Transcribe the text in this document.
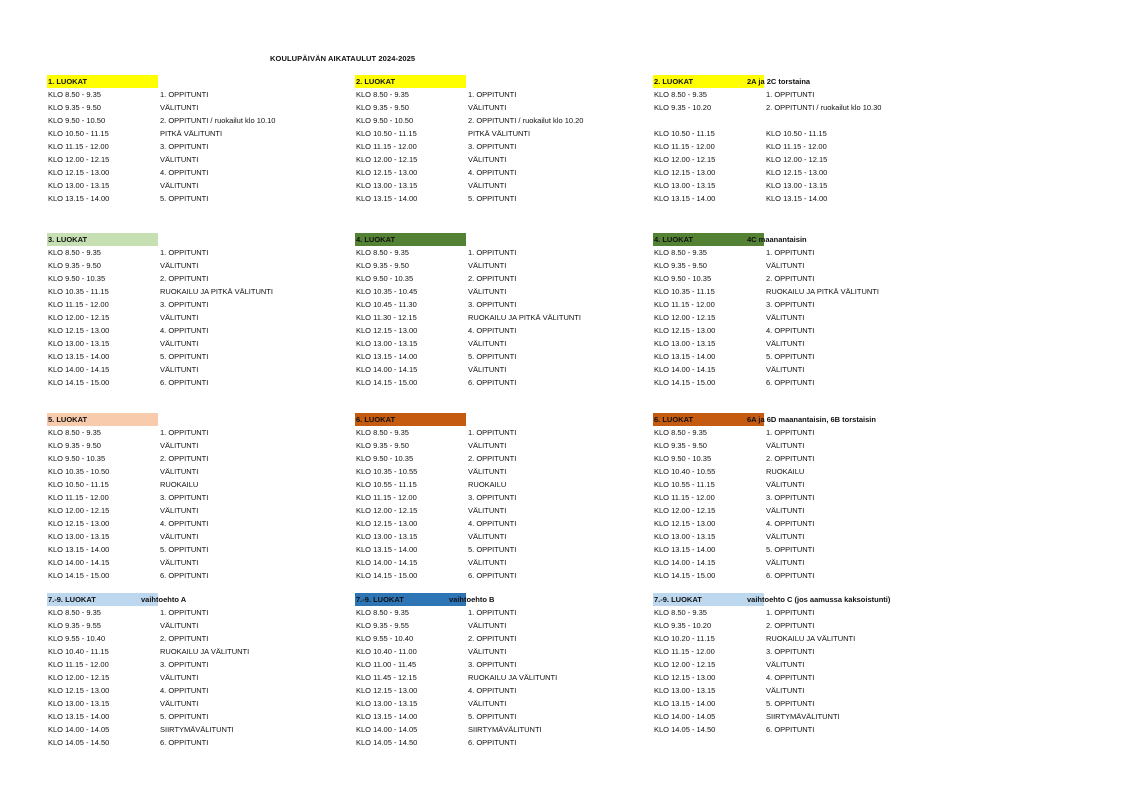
KOULUPÄIVÄN AIKATAULUT 2024-2025
1. LUOKAT
KLO 8.50 - 9.35	1. OPPITUNTI
KLO 9.35 - 9.50	VÄLITUNTI
KLO 9.50 - 10.50	2. OPPITUNTI / ruokailut klo 10.10
KLO 10.50 - 11.15	PITKÄ VÄLITUNTI
KLO 11.15 - 12.00	3. OPPITUNTI
KLO 12.00 - 12.15	VÄLITUNTI
KLO 12.15 - 13.00	4. OPPITUNTI
KLO 13.00 - 13.15	VÄLITUNTI
KLO 13.15 - 14.00	5. OPPITUNTI
2. LUOKAT
KLO 8.50 - 9.35	1. OPPITUNTI
KLO 9.35 - 9.50	VÄLITUNTI
KLO 9.50 - 10.50	2. OPPITUNTI / ruokailut klo 10.20
KLO 10.50 - 11.15	PITKÄ VÄLITUNTI
KLO 11.15 - 12.00	3. OPPITUNTI
KLO 12.00 - 12.15	VÄLITUNTI
KLO 12.15 - 13.00	4. OPPITUNTI
KLO 13.00 - 13.15	VÄLITUNTI
KLO 13.15 - 14.00	5. OPPITUNTI
2. LUOKAT	2A ja 2C torstaina
KLO 8.50 - 9.35	1. OPPITUNTI
KLO 9.35 - 10.20	2. OPPITUNTI / ruokailut klo 10.30
KLO 10.50 - 11.15	KLO 10.50 - 11.15
KLO 11.15 - 12.00	KLO 11.15 - 12.00
KLO 12.00 - 12.15	KLO 12.00 - 12.15
KLO 12.15 - 13.00	KLO 12.15 - 13.00
KLO 13.00 - 13.15	KLO 13.00 - 13.15
KLO 13.15 - 14.00	KLO 13.15 - 14.00
3. LUOKAT
KLO 8.50 - 9.35	1. OPPITUNTI
KLO 9.35 - 9.50	VÄLITUNTI
KLO 9.50 - 10.35	2. OPPITUNTI
KLO 10.35 - 11.15	RUOKAILU JA PITKÄ VÄLITUNTI
KLO 11.15 - 12.00	3. OPPITUNTI
KLO 12.00 - 12.15	VÄLITUNTI
KLO 12.15 - 13.00	4. OPPITUNTI
KLO 13.00 - 13.15	VÄLITUNTI
KLO 13.15 - 14.00	5. OPPITUNTI
KLO 14.00 - 14.15	VÄLITUNTI
KLO 14.15 - 15.00	6. OPPITUNTI
4. LUOKAT
KLO 8.50 - 9.35	1. OPPITUNTI
KLO 9.35 - 9.50	VÄLITUNTI
KLO 9.50 - 10.35	2. OPPITUNTI
KLO 10.35 - 10.45	VÄLITUNTI
KLO 10.45 - 11.30	3. OPPITUNTI
KLO 11.30 - 12.15	RUOKAILU JA PITKÄ VÄLITUNTI
KLO 12.15 - 13.00	4. OPPITUNTI
KLO 13.00 - 13.15	VÄLITUNTI
KLO 13.15 - 14.00	5. OPPITUNTI
KLO 14.00 - 14.15	VÄLITUNTI
KLO 14.15 - 15.00	6. OPPITUNTI
4. LUOKAT	4C maanantaisin
KLO 8.50 - 9.35	1. OPPITUNTI
KLO 9.35 - 9.50	VÄLITUNTI
KLO 9.50 - 10.35	2. OPPITUNTI
KLO 10.35 - 11.15	RUOKAILU JA PITKÄ VÄLITUNTI
KLO 11.15 - 12.00	3. OPPITUNTI
KLO 12.00 - 12.15	VÄLITUNTI
KLO 12.15 - 13.00	4. OPPITUNTI
KLO 13.00 - 13.15	VÄLITUNTI
KLO 13.15 - 14.00	5. OPPITUNTI
KLO 14.00 - 14.15	VÄLITUNTI
KLO 14.15 - 15.00	6. OPPITUNTI
5. LUOKAT
KLO 8.50 - 9.35	1. OPPITUNTI
KLO 9.35 - 9.50	VÄLITUNTI
KLO 9.50 - 10.35	2. OPPITUNTI
KLO 10.35 - 10.50	VÄLITUNTI
KLO 10.50 - 11.15	RUOKAILU
KLO 11.15 - 12.00	3. OPPITUNTI
KLO 12.00 - 12.15	VÄLITUNTI
KLO 12.15 - 13.00	4. OPPITUNTI
KLO 13.00 - 13.15	VÄLITUNTI
KLO 13.15 - 14.00	5. OPPITUNTI
KLO 14.00 - 14.15	VÄLITUNTI
KLO 14.15 - 15.00	6. OPPITUNTI
6. LUOKAT
KLO 8.50 - 9.35	1. OPPITUNTI
KLO 9.35 - 9.50	VÄLITUNTI
KLO 9.50 - 10.35	2. OPPITUNTI
KLO 10.35 - 10.55	VÄLITUNTI
KLO 10.55 - 11.15	RUOKAILU
KLO 11.15 - 12.00	3. OPPITUNTI
KLO 12.00 - 12.15	VÄLITUNTI
KLO 12.15 - 13.00	4. OPPITUNTI
KLO 13.00 - 13.15	VÄLITUNTI
KLO 13.15 - 14.00	5. OPPITUNTI
KLO 14.00 - 14.15	VÄLITUNTI
KLO 14.15 - 15.00	6. OPPITUNTI
6. LUOKAT	6A ja 6D maanantaisin, 6B torstaisin
KLO 8.50 - 9.35	1. OPPITUNTI
KLO 9.35 - 9.50	VÄLITUNTI
KLO 9.50 - 10.35	2. OPPITUNTI
KLO 10.40 - 10.55	RUOKAILU
KLO 10.55 - 11.15	VÄLITUNTI
KLO 11.15 - 12.00	3. OPPITUNTI
KLO 12.00 - 12.15	VÄLITUNTI
KLO 12.15 - 13.00	4. OPPITUNTI
KLO 13.00 - 13.15	VÄLITUNTI
KLO 13.15 - 14.00	5. OPPITUNTI
KLO 14.00 - 14.15	VÄLITUNTI
KLO 14.15 - 15.00	6. OPPITUNTI
7.-9. LUOKAT	vaihtoehto A
KLO 8.50 - 9.35	1. OPPITUNTI
KLO 9.35 - 9.55	VÄLITUNTI
KLO 9.55 - 10.40	2. OPPITUNTI
KLO 10.40 - 11.15	RUOKAILU JA VÄLITUNTI
KLO 11.15 - 12.00	3. OPPITUNTI
KLO 12.00 - 12.15	VÄLITUNTI
KLO 12.15 - 13.00	4. OPPITUNTI
KLO 13.00 - 13.15	VÄLITUNTI
KLO 13.15 - 14.00	5. OPPITUNTI
KLO 14.00 - 14.05	SIIRTYMÄVÄLITUNTI
KLO 14.05 - 14.50	6. OPPITUNTI
7.-9. LUOKAT	vaihtoehto B
KLO 8.50 - 9.35	1. OPPITUNTI
KLO 9.35 - 9.55	VÄLITUNTI
KLO 9.55 - 10.40	2. OPPITUNTI
KLO 10.40 - 11.00	VÄLITUNTI
KLO 11.00 - 11.45	3. OPPITUNTI
KLO 11.45 - 12.15	RUOKAILU JA VÄLITUNTI
KLO 12.15 - 13.00	4. OPPITUNTI
KLO 13.00 - 13.15	VÄLITUNTI
KLO 13.15 - 14.00	5. OPPITUNTI
KLO 14.00 - 14.05	SIIRTYMÄVÄLITUNTI
KLO 14.05 - 14.50	6. OPPITUNTI
7.-9. LUOKAT	vaihtoehto C (jos aamussa kaksoistunti)
KLO 8.50 - 9.35	1. OPPITUNTI
KLO 9.35 - 10.20	2. OPPITUNTI
KLO 10.20 - 11.15	RUOKAILU JA VÄLITUNTI
KLO 11.15 - 12.00	3. OPPITUNTI
KLO 12.00 - 12.15	VÄLITUNTI
KLO 12.15 - 13.00	4. OPPITUNTI
KLO 13.00 - 13.15	VÄLITUNTI
KLO 13.15 - 14.00	5. OPPITUNTI
KLO 14.00 - 14.05	SIIRTYMÄVÄLITUNTI
KLO 14.05 - 14.50	6. OPPITUNTI
